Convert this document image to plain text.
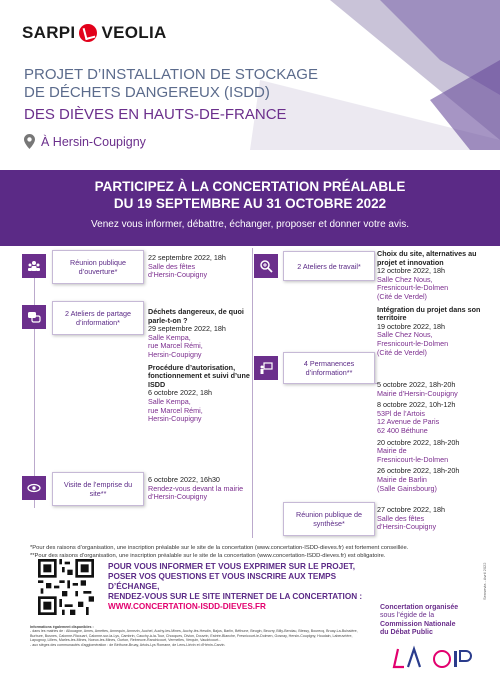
SARPI VEOLIA
PROJET D’INSTALLATION DE STOCKAGE
DE DÉCHETS DANGEREUX (ISDD)
DES DIÈVES EN HAUTS-DE-FRANCE
À Hersin-Coupigny
PARTICIPEZ À LA CONCERTATION PRÉALABLE
DU 19 SEPTEMBRE AU 31 OCTOBRE 2022
Venez vous informer, débattre, échanger, proposer et donner votre avis.
Réunion publique d’ouverture*
22 septembre 2022, 18h
Salle des fêtes
d’Hersin-Coupigny
2 Ateliers de partage d’information*
Déchets dangereux, de quoi parle-t-on ?
29 septembre 2022, 18h
Salle Kempa,
rue Marcel Rémi,
Hersin-Coupigny
Procédure d’autorisation, fonctionnement et suivi d’une ISDD
6 octobre 2022, 18h
Salle Kempa,
rue Marcel Rémi,
Hersin-Coupigny
Visite de l’emprise du site**
6 octobre 2022, 16h30
Rendez-vous devant la mairie
d’Hersin-Coupigny
2 Ateliers de travail*
Choix du site, alternatives au projet et innovation
12 octobre 2022, 18h
Salle Chez Nous,
Fresnicourt-le-Dolmen
(Cité de Verdel)
Intégration du projet dans son territoire
19 octobre 2022, 18h
Salle Chez Nous,
Fresnicourt-le-Dolmen
(Cité de Verdel)
4 Permanences d’information**
5 octobre 2022, 18h-20h
Mairie d’Hersin-Coupigny
8 octobre 2022, 10h-12h
53Pl de l’Artois
12 Avenue de Paris
62 400 Béthune
20 octobre 2022, 18h-20h
Mairie de
Fresnicourt-le-Dolmen
26 octobre 2022, 18h-20h
Mairie de Barlin
(Salle Gainsbourg)
Réunion publique de synthèse*
27 octobre 2022, 18h
Salle des fêtes
d’Hersin-Coupigny
*Pour des raisons d’organisation, une inscription préalable sur le site de la concertation (www.concertation-ISDD-dieves.fr) est fortement conseillée.
**Pour des raisons d’organisation, une inscription préalable sur le site de la concertation (www.concertation-ISDD-dieves.fr) est obligatoire.
POUR VOUS INFORMER ET VOUS EXPRIMER SUR LE PROJET,
POSER VOS QUESTIONS ET VOUS INSCRIRE AUX TEMPS D’ÉCHANGE,
RENDEZ-VOUS SUR LE SITE INTERNET DE LA CONCERTATION :
WWW.CONCERTATION-ISDD-DIEVES.FR	Concertation organisée
sous l’égide de la
Commission Nationale
du Débat Public
Informations également disponibles :
- dans les mairies de : Allouagne, Ames, Amettes, Annequin, Annezin, Auchel, Auchy-les-Mines, Auchy-lès-Hesdin, Bajus, Barlin, Béthune, Beugin, Beuvry, Billy-Berclau, Blessy, Bourecq, Bruay-La-Buissière, Burbure, Busnes, Calonne-Ricouart, Calonne-sur-la-Lys, Cambrin, Cauchy-à-la-Tour, Chocques, Divion, Douvrin, Estrée-Blanche, Fresnicourt-le-Dolmen, Gosnay, Hersin-Coupigny, Houdain, Labeuvrière, Lapugnoy, Lillers, Marles-les-Mines, Noeux-les-Mines, Ourton, Rebreuve-Ranchicourt, Vermelles, Verquin, Vaudricourt...
- aux sièges des communautés d’agglomération : de Béthune-Bruay, Artois-Lys Romane, de Lens-Liévin et d’Hénin-Carvin.
Sensevia - Avril 2022
